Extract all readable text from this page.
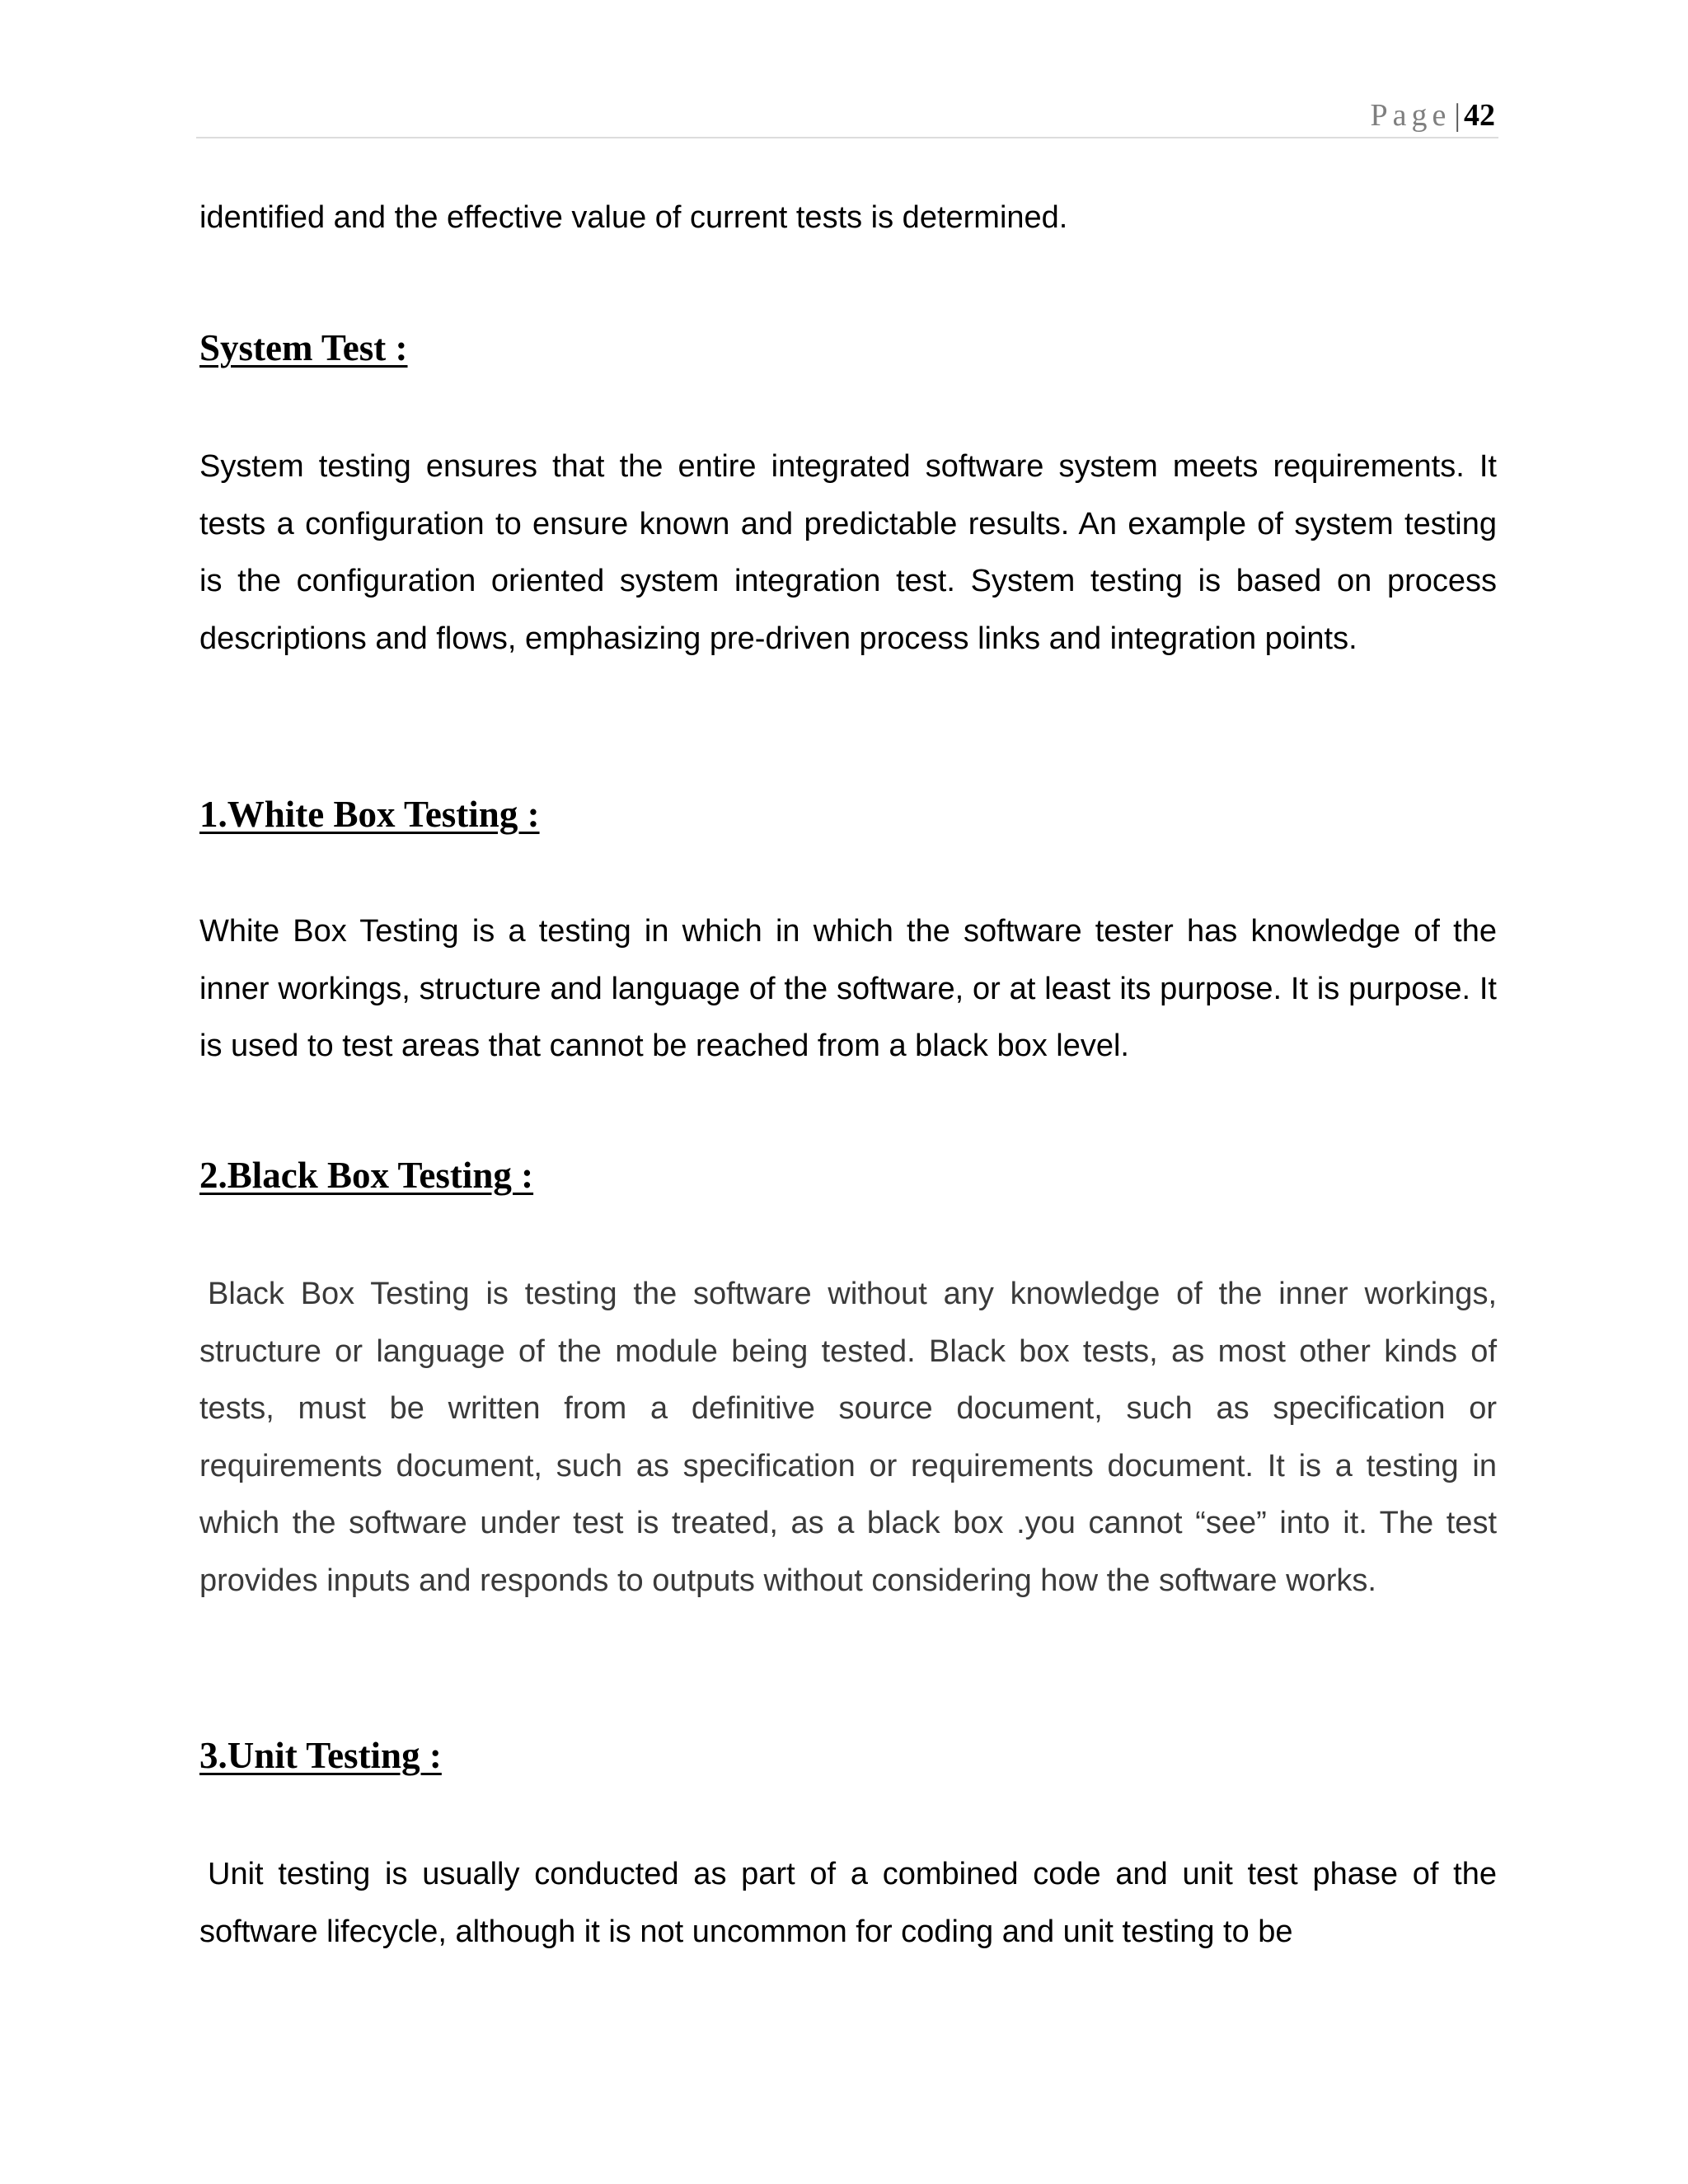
Page | 42

identified and the effective value of current tests is determined.

System Test :

System testing ensures that the entire integrated software system meets requirements. It tests a configuration to ensure known and predictable results. An example of system testing is the configuration oriented system integration test. System testing is based on process descriptions and flows, emphasizing pre-driven process links and integration points.

1.White Box Testing :

White Box Testing is a testing in which in which the software tester has knowledge of the inner workings, structure and language of the software, or at least its purpose. It is purpose. It is used to test areas that cannot be reached from a black box level.

2.Black Box Testing :

Black Box Testing is testing the software without any knowledge of the inner workings, structure or language of the module being tested. Black box tests, as most other kinds of tests, must be written from a definitive source document, such as specification or requirements document, such as specification or requirements document. It is a testing in which the software under test is treated, as a black box .you cannot “see” into it. The test provides inputs and responds to outputs without considering how the software works.

3.Unit Testing :

Unit testing is usually conducted as part of a combined code and unit test phase of the software lifecycle, although it is not uncommon for coding and unit testing to be
